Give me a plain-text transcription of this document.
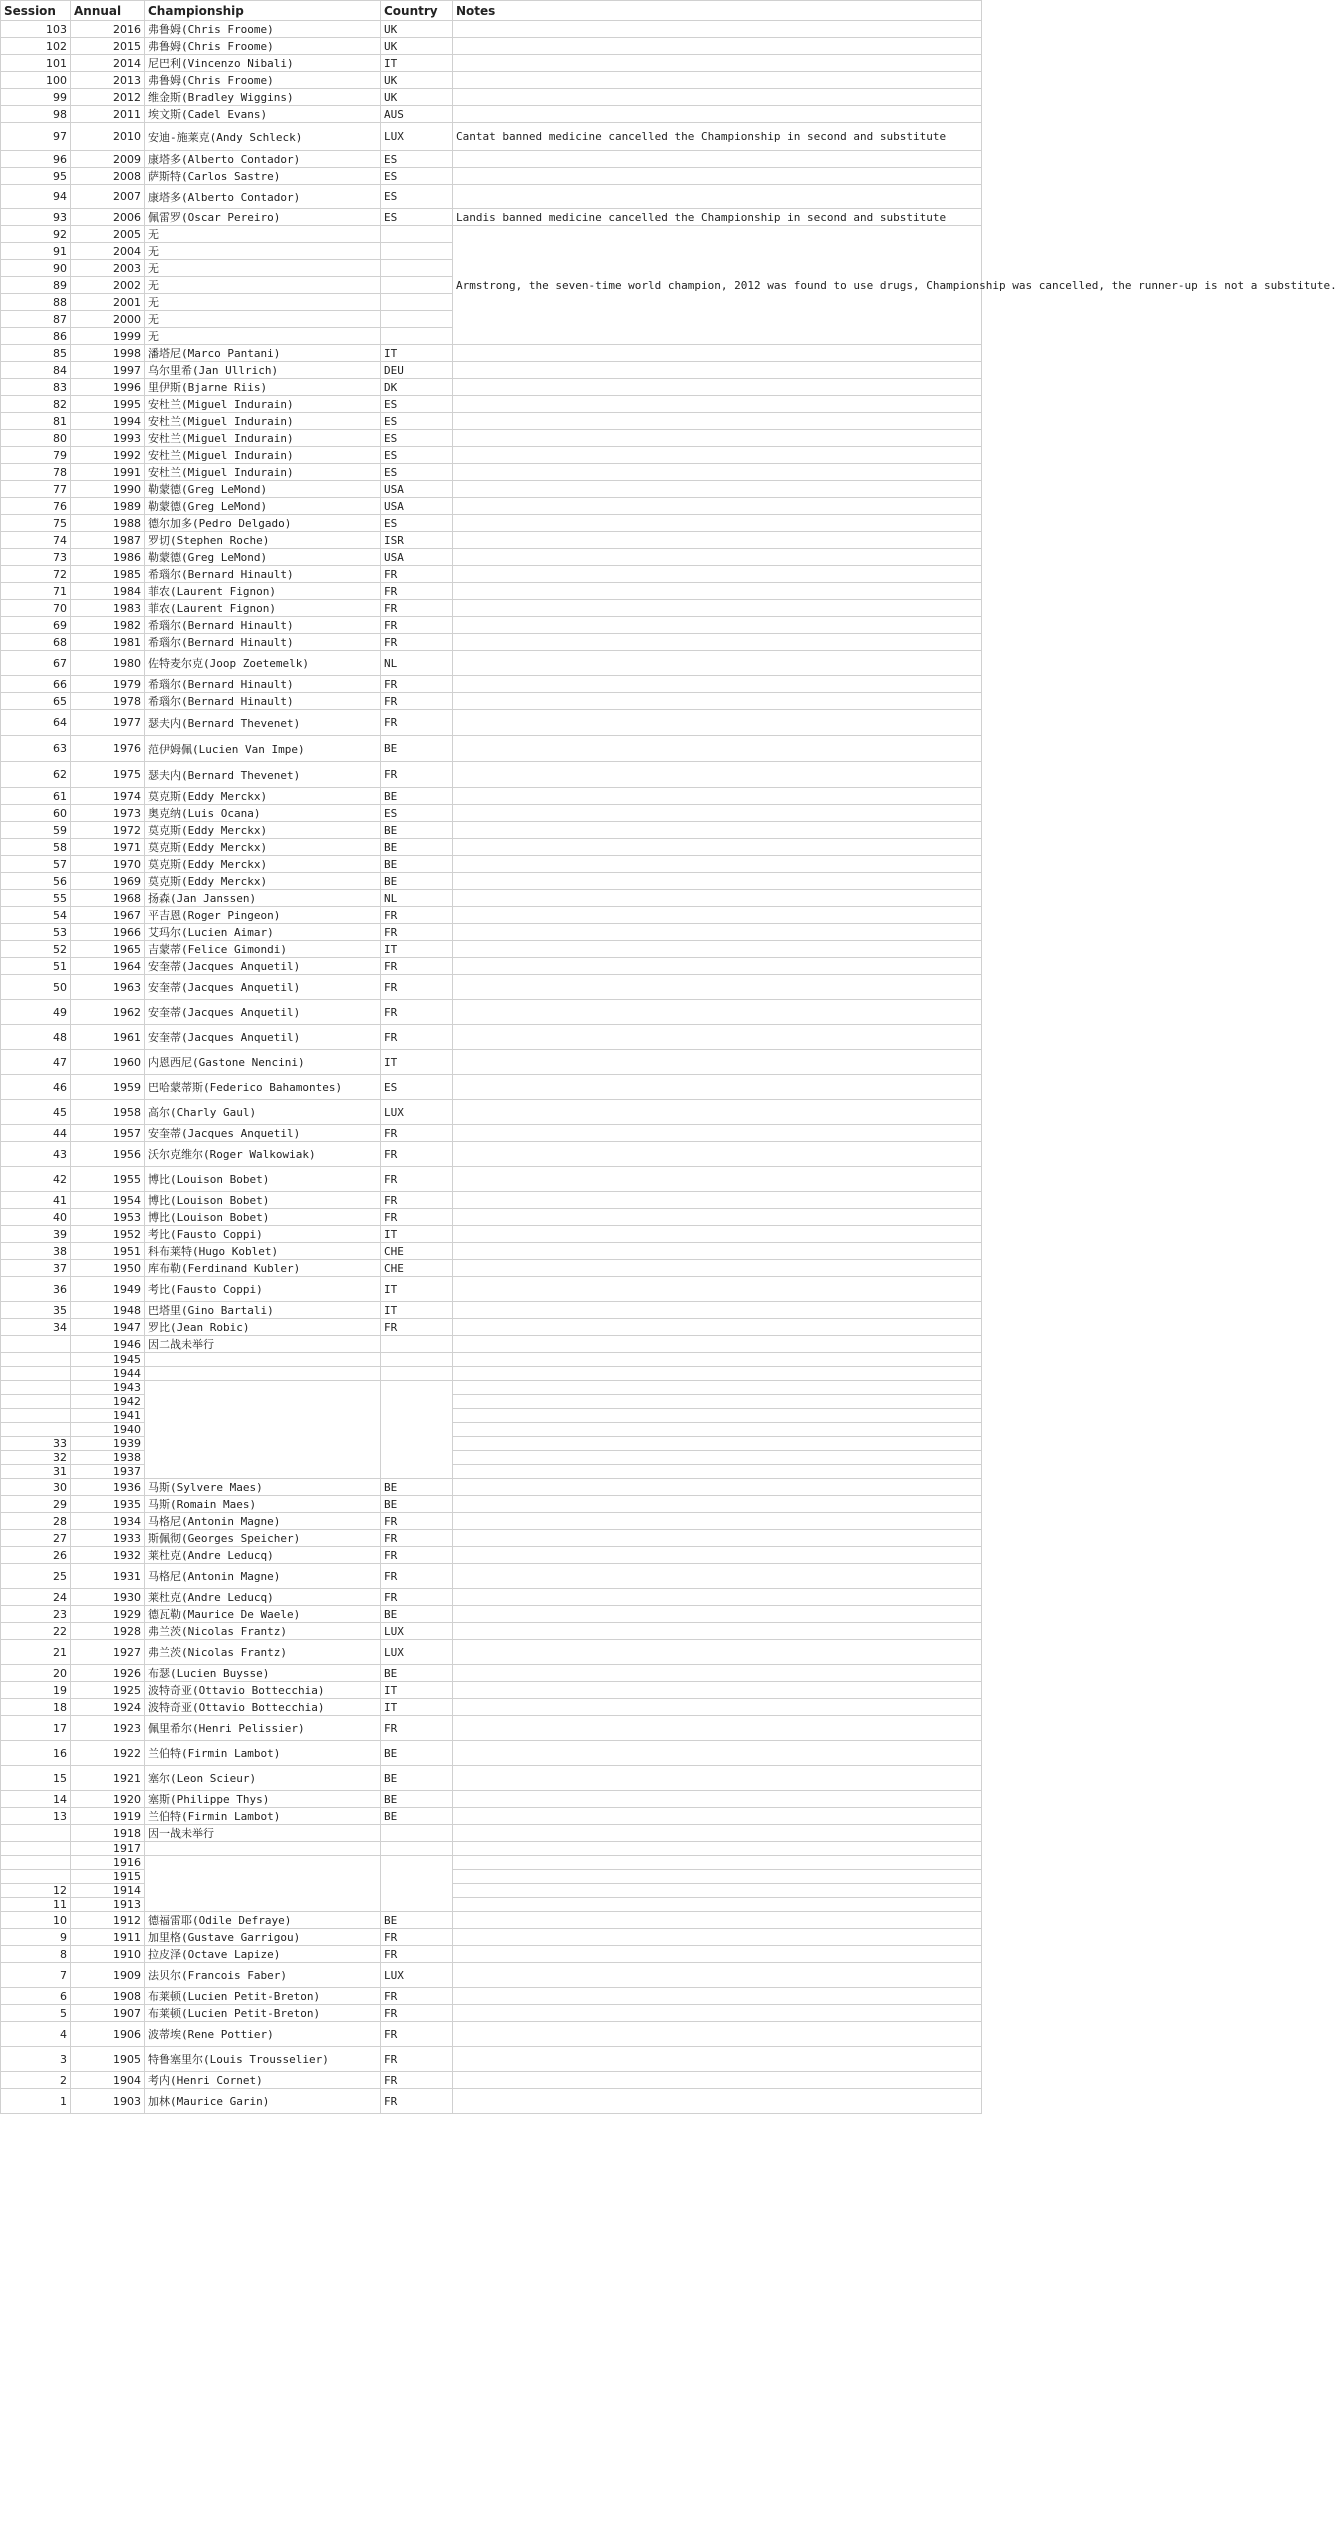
Session	Annual	Championship	Country	Notes
103	2016	弗鲁姆(Chris Froome)	UK	
102	2015	弗鲁姆(Chris Froome)	UK	
101	2014	尼巴利(Vincenzo Nibali)	IT	
100	2013	弗鲁姆(Chris Froome)	UK	
99	2012	维金斯(Bradley Wiggins)	UK	
98	2011	埃文斯(Cadel Evans)	AUS	
97	2010	安迪-施莱克(Andy Schleck)	LUX	Cantat banned medicine cancelled the Championship in second and substitute
96	2009	康塔多(Alberto Contador)	ES	
95	2008	萨斯特(Carlos Sastre)	ES	
94	2007	康塔多(Alberto Contador)	ES	
93	2006	佩雷罗(Oscar Pereiro)	ES	Landis banned medicine cancelled the Championship in second and substitute
92	2005	无		Armstrong, the seven-time world champion, 2012 was found to use drugs, Championship was cancelled, the runner-up is not a substitute.
91	2004	无		
90	2003	无		
89	2002	无		
88	2001	无		
87	2000	无		
86	1999	无		
85	1998	潘塔尼(Marco Pantani)	IT	
84	1997	乌尔里希(Jan Ullrich)	DEU	
83	1996	里伊斯(Bjarne Riis)	DK	
82	1995	安杜兰(Miguel Indurain)	ES	
81	1994	安杜兰(Miguel Indurain)	ES	
80	1993	安杜兰(Miguel Indurain)	ES	
79	1992	安杜兰(Miguel Indurain)	ES	
78	1991	安杜兰(Miguel Indurain)	ES	
77	1990	勒蒙德(Greg LeMond)	USA	
76	1989	勒蒙德(Greg LeMond)	USA	
75	1988	德尔加多(Pedro Delgado)	ES	
74	1987	罗切(Stephen Roche)	ISR	
73	1986	勒蒙德(Greg LeMond)	USA	
72	1985	希瑙尔(Bernard Hinault)	FR	
71	1984	菲农(Laurent Fignon)	FR	
70	1983	菲农(Laurent Fignon)	FR	
69	1982	希瑙尔(Bernard Hinault)	FR	
68	1981	希瑙尔(Bernard Hinault)	FR	
67	1980	佐特麦尔克(Joop Zoetemelk)	NL	
66	1979	希瑙尔(Bernard Hinault)	FR	
65	1978	希瑙尔(Bernard Hinault)	FR	
64	1977	瑟夫内(Bernard Thevenet)	FR	
63	1976	范伊姆佩(Lucien Van Impe)	BE	
62	1975	瑟夫内(Bernard Thevenet)	FR	
61	1974	莫克斯(Eddy Merckx)	BE	
60	1973	奥克纳(Luis Ocana)	ES	
59	1972	莫克斯(Eddy Merckx)	BE	
58	1971	莫克斯(Eddy Merckx)	BE	
57	1970	莫克斯(Eddy Merckx)	BE	
56	1969	莫克斯(Eddy Merckx)	BE	
55	1968	扬森(Jan Janssen)	NL	
54	1967	平吉恩(Roger Pingeon)	FR	
53	1966	艾玛尔(Lucien Aimar)	FR	
52	1965	吉蒙蒂(Felice Gimondi)	IT	
51	1964	安奎蒂(Jacques Anquetil)	FR	
50	1963	安奎蒂(Jacques Anquetil)	FR	
49	1962	安奎蒂(Jacques Anquetil)	FR	
48	1961	安奎蒂(Jacques Anquetil)	FR	
47	1960	内恩西尼(Gastone Nencini)	IT	
46	1959	巴哈蒙蒂斯(Federico Bahamontes)	ES	
45	1958	高尔(Charly Gaul)	LUX	
44	1957	安奎蒂(Jacques Anquetil)	FR	
43	1956	沃尔克维尔(Roger Walkowiak)	FR	
42	1955	博比(Louison Bobet)	FR	
41	1954	博比(Louison Bobet)	FR	
40	1953	博比(Louison Bobet)	FR	
39	1952	考比(Fausto Coppi)	IT	
38	1951	科布莱特(Hugo Koblet)	CHE	
37	1950	库布勒(Ferdinand Kubler)	CHE	
36	1949	考比(Fausto Coppi)	IT	
35	1948	巴塔里(Gino Bartali)	IT	
34	1947	罗比(Jean Robic)	FR	
	1946	因二战未举行		
	1945			
	1944			
	1943			
	1942			
	1941			
	1940			
33	1939			
32	1938			
31	1937			
30	1936	马斯(Sylvere Maes)	BE	
29	1935	马斯(Romain Maes)	BE	
28	1934	马格尼(Antonin Magne)	FR	
27	1933	斯佩彻(Georges Speicher)	FR	
26	1932	莱杜克(Andre Leducq)	FR	
25	1931	马格尼(Antonin Magne)	FR	
24	1930	莱杜克(Andre Leducq)	FR	
23	1929	德瓦勒(Maurice De Waele)	BE	
22	1928	弗兰茨(Nicolas Frantz)	LUX	
21	1927	弗兰茨(Nicolas Frantz)	LUX	
20	1926	布瑟(Lucien Buysse)	BE	
19	1925	波特奇亚(Ottavio Bottecchia)	IT	
18	1924	波特奇亚(Ottavio Bottecchia)	IT	
17	1923	佩里希尔(Henri Pelissier)	FR	
16	1922	兰伯特(Firmin Lambot)	BE	
15	1921	塞尔(Leon Scieur)	BE	
14	1920	塞斯(Philippe Thys)	BE	
13	1919	兰伯特(Firmin Lambot)	BE	
	1918	因一战未举行		
	1917			
	1916			
	1915			
12	1914			
11	1913			
10	1912	德福雷耶(Odile Defraye)	BE	
9	1911	加里格(Gustave Garrigou)	FR	
8	1910	拉皮泽(Octave Lapize)	FR	
7	1909	法贝尔(Francois Faber)	LUX	
6	1908	布莱顿(Lucien Petit-Breton)	FR	
5	1907	布莱顿(Lucien Petit-Breton)	FR	
4	1906	波蒂埃(Rene Pottier)	FR	
3	1905	特鲁塞里尔(Louis Trousselier)	FR	
2	1904	考内(Henri Cornet)	FR	
1	1903	加林(Maurice Garin)	FR	
